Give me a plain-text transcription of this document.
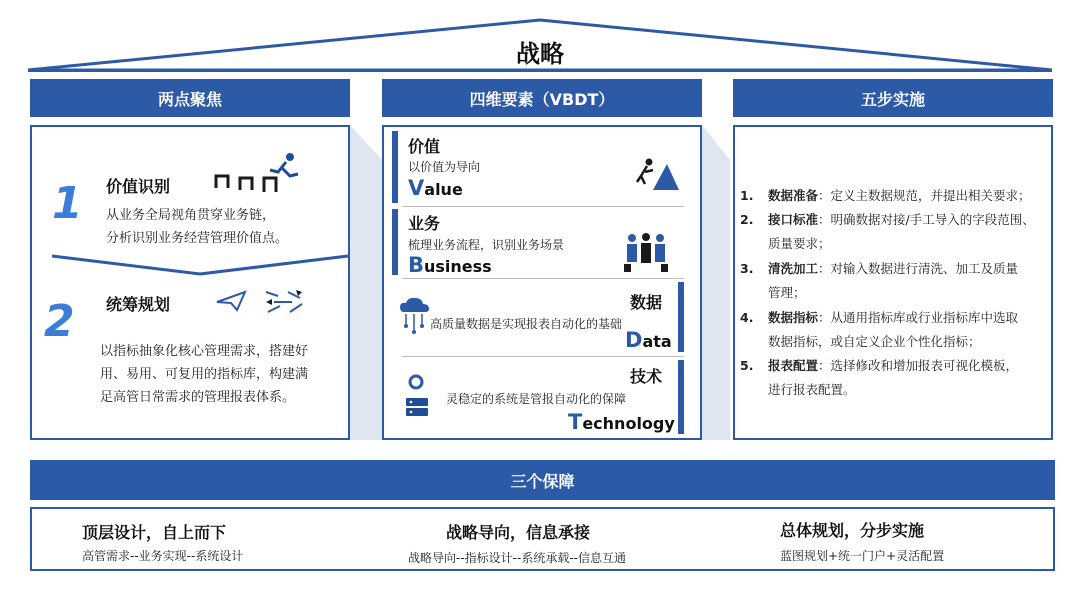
战略
两点聚焦	四维要素（VBDT）	五步实施
1 价值识别
从业务全局视角贯穿业务链，
分析识别业务经营管理价值点。
2 统筹规划
以指标抽象化核心管理需求，搭建好
用、易用、可复用的指标库，构建满
足高管日常需求的管理报表体系。
价值
以价值为导向
Value
业务
梳理业务流程，识别业务场景
Business
数据
高质量数据是实现报表自动化的基础
Data
技术
灵稳定的系统是管报自动化的保障
Technology
1. 数据准备：定义主数据规范，并提出相关要求；
2. 接口标准：明确数据对接/手工导入的字段范围、
质量要求；
3. 清洗加工：对输入数据进行清洗、加工及质量
管理；
4. 数据指标：从通用指标库或行业指标库中选取
数据指标，或自定义企业个性化指标；
5. 报表配置：选择修改和增加报表可视化模板，
进行报表配置。
三个保障
顶层设计，自上而下
高管需求--业务实现--系统设计
战略导向，信息承接
战略导向--指标设计--系统承载--信息互通
总体规划，分步实施
蓝图规划+统一门户+灵活配置
